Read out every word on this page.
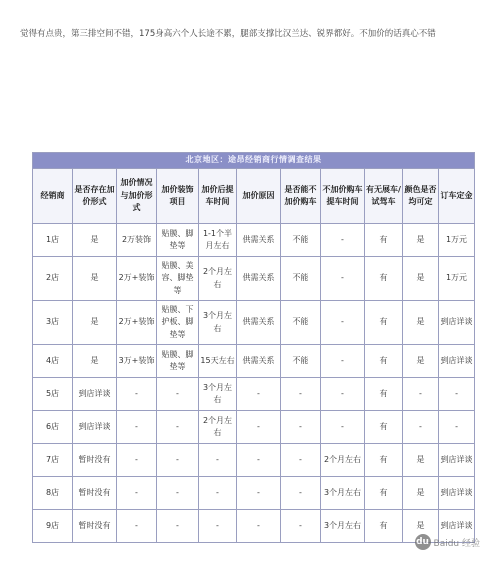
觉得有点贵，第三排空间不错，175身高六个人长途不累，腿部支撑比汉兰达、锐界都好。不加价的话真心不错
北京地区：途昂经销商行情调查结果										
经销商	是否存在加价形式	加价情况与加价形式	加价装饰项目	加价后提车时间	加价原因	是否能不加价购车	不加价购车提车时间	有无展车/试驾车	颜色是否均可定	订车定金
1店	是	2万装饰	贴膜、脚垫等	1-1个半月左右	供需关系	不能	-	有	是	1万元
2店	是	2万+装饰	贴膜、美容、脚垫等	2个月左右	供需关系	不能	-	有	是	1万元
3店	是	2万+装饰	贴膜、下护板、脚垫等	3个月左右	供需关系	不能	-	有	是	到店详谈
4店	是	3万+装饰	贴膜、脚垫等	15天左右	供需关系	不能	-	有	是	到店详谈
5店	到店详谈	-	-	3个月左右	-	-	-	有	-	-
6店	到店详谈	-	-	2个月左右	-	-	-	有	-	-
7店	暂时没有	-	-	-	-	-	2个月左右	有	是	到店详谈
8店	暂时没有	-	-	-	-	-	3个月左右	有	是	到店详谈
9店	暂时没有	-	-	-	-	-	3个月左右	有	是	到店详谈
du Baidu 经验
